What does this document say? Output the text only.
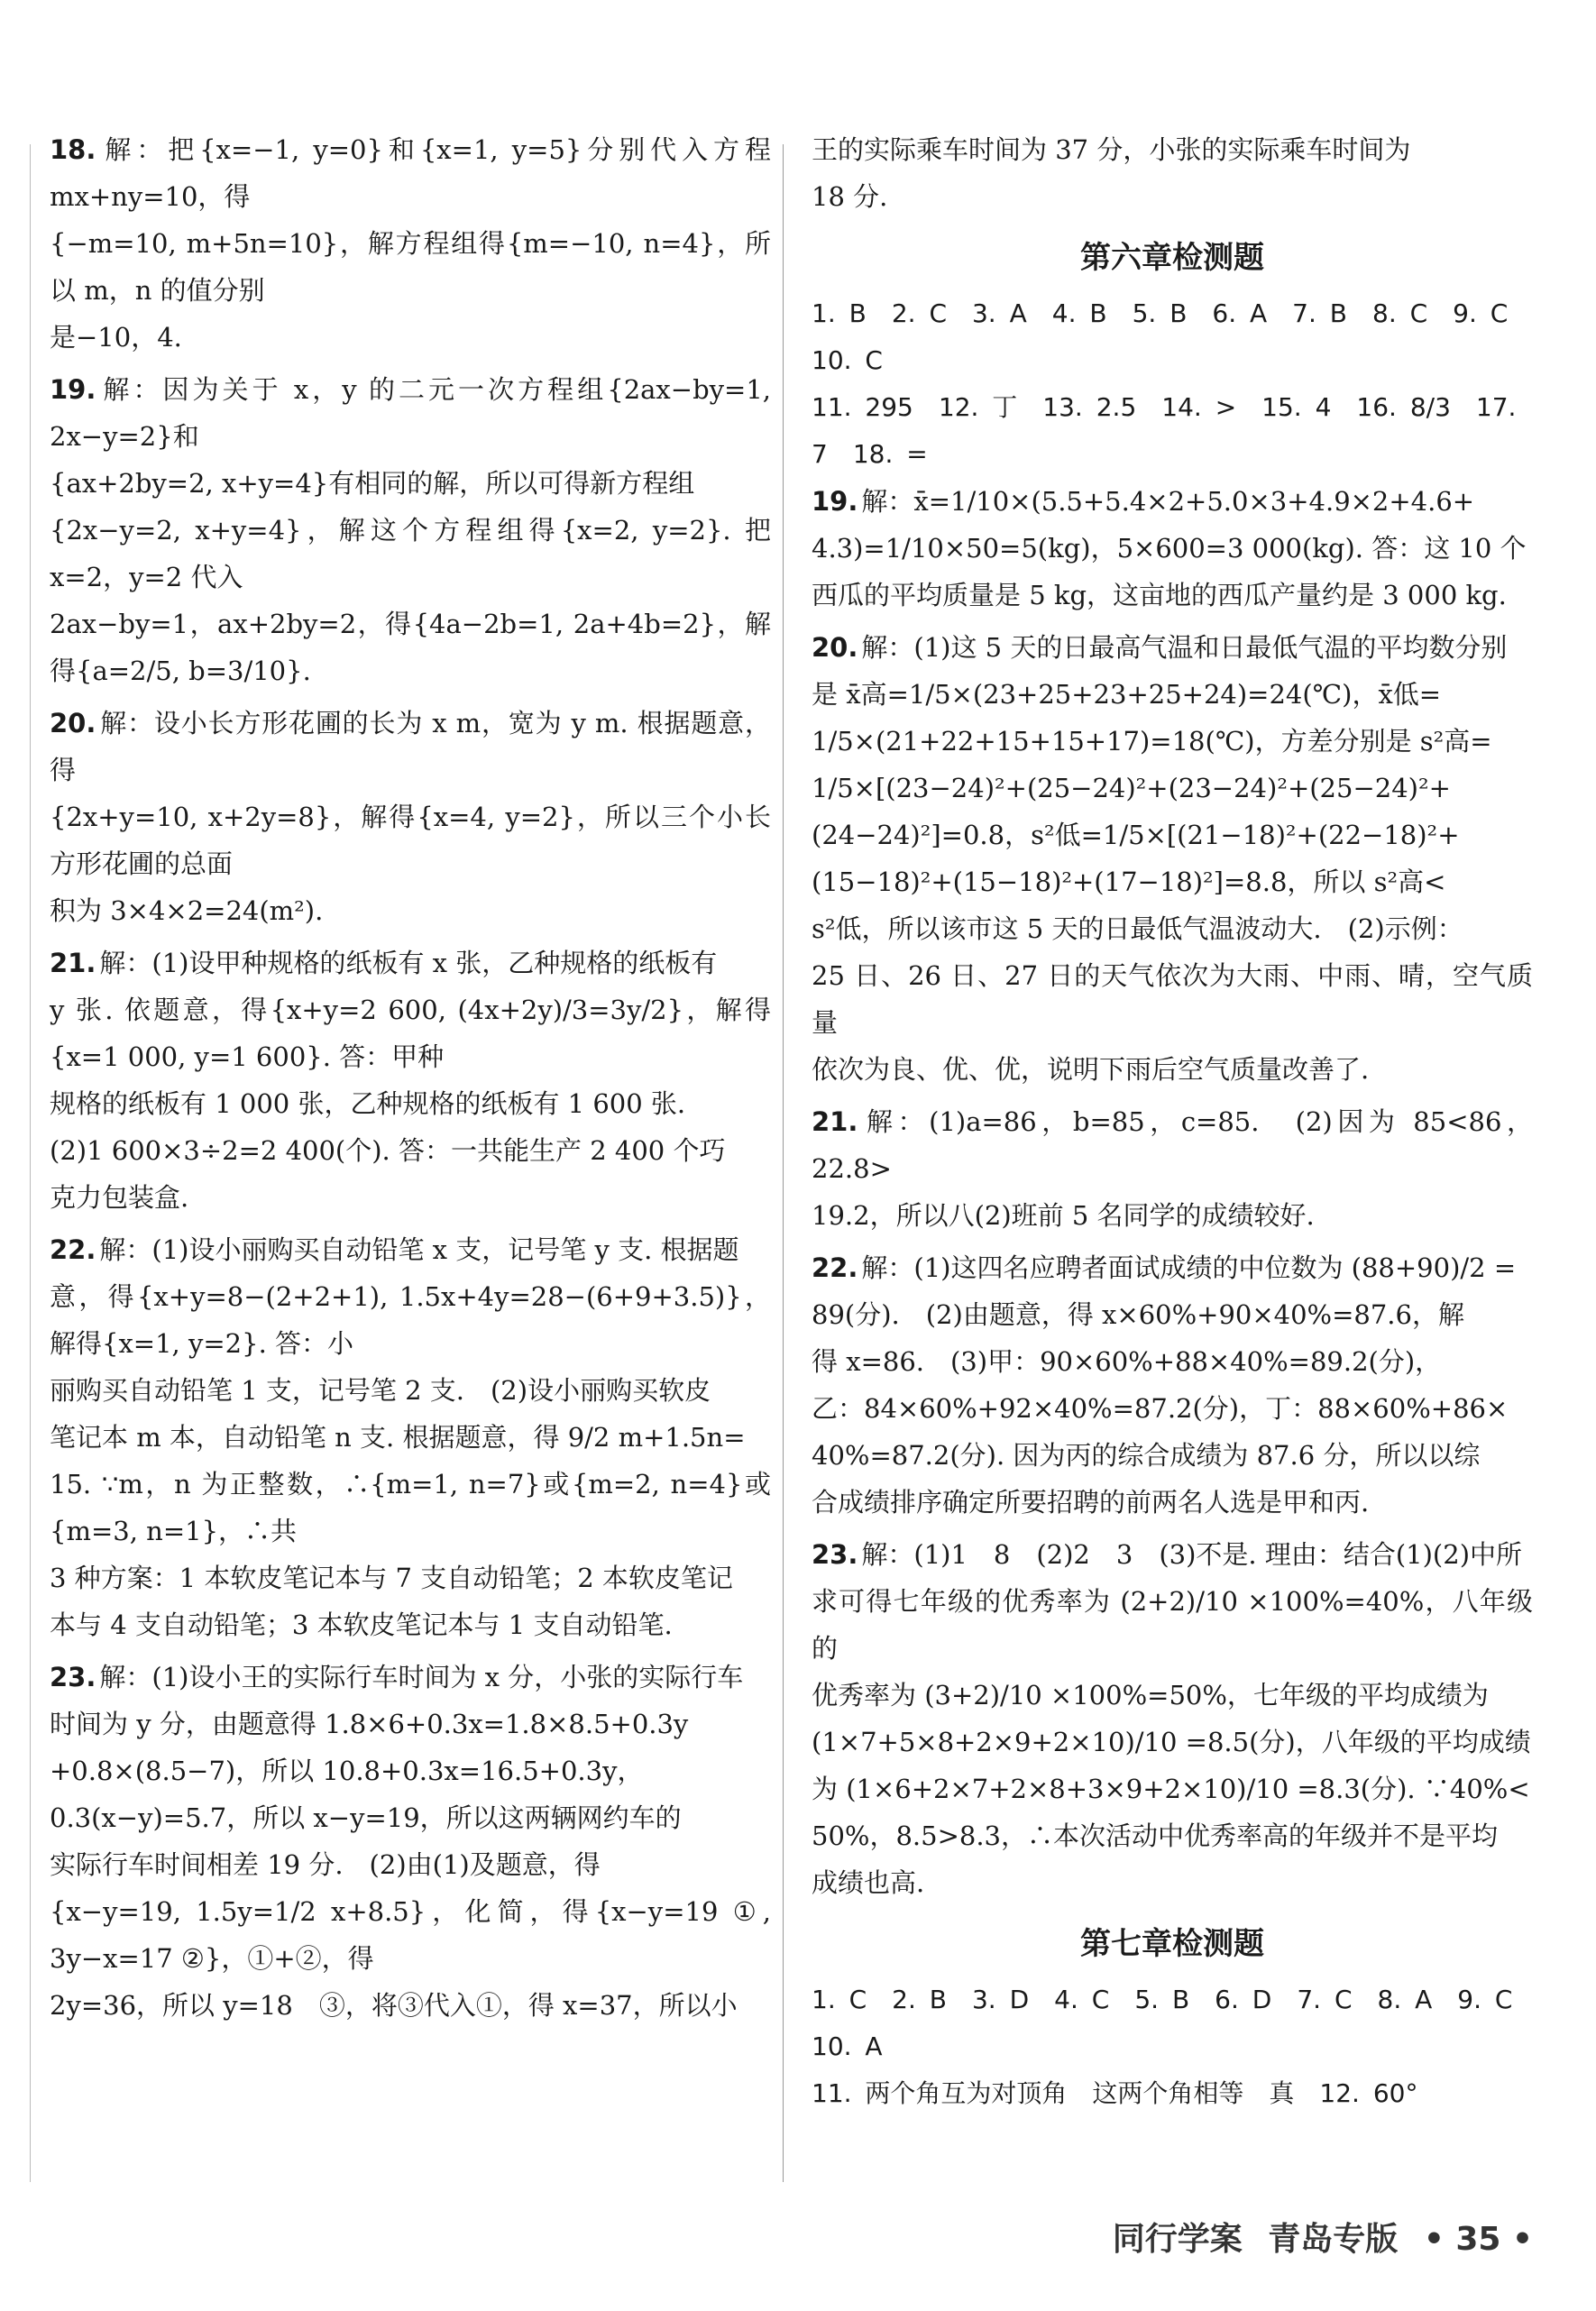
18. 解：把{x=−1, y=0}和{x=1, y=5}分别代入方程 mx+ny=10，得
{−m=10, m+5n=10}，解方程组得{m=−10, n=4}，所以 m，n 的值分别
是−10，4.
19. 解：因为关于 x，y 的二元一次方程组{2ax−by=1, 2x−y=2}和
{ax+2by=2, x+y=4}有相同的解，所以可得新方程组
{2x−y=2, x+y=4}，解这个方程组得{x=2, y=2}. 把 x=2，y=2 代入
2ax−by=1，ax+2by=2，得{4a−2b=1, 2a+4b=2}，解得{a=2/5, b=3/10}.
20. 解：设小长方形花圃的长为 x m，宽为 y m. 根据题意，得
{2x+y=10, x+2y=8}，解得{x=4, y=2}，所以三个小长方形花圃的总面
积为 3×4×2=24(m²).
21. 解：(1)设甲种规格的纸板有 x 张，乙种规格的纸板有
y 张. 依题意，得{x+y=2 600, (4x+2y)/3=3y/2}，解得{x=1 000, y=1 600}. 答：甲种
规格的纸板有 1 000 张，乙种规格的纸板有 1 600 张.
(2)1 600×3÷2=2 400(个). 答：一共能生产 2 400 个巧
克力包装盒.
22. 解：(1)设小丽购买自动铅笔 x 支，记号笔 y 支. 根据题
意，得{x+y=8−(2+2+1), 1.5x+4y=28−(6+9+3.5)}，解得{x=1, y=2}. 答：小
丽购买自动铅笔 1 支，记号笔 2 支.　(2)设小丽购买软皮
笔记本 m 本，自动铅笔 n 支. 根据题意，得 9/2 m+1.5n=
15. ∵m，n 为正整数，∴{m=1, n=7}或{m=2, n=4}或{m=3, n=1}，∴共
3 种方案：1 本软皮笔记本与 7 支自动铅笔；2 本软皮笔记
本与 4 支自动铅笔；3 本软皮笔记本与 1 支自动铅笔.
23. 解：(1)设小王的实际行车时间为 x 分，小张的实际行车
时间为 y 分，由题意得 1.8×6+0.3x=1.8×8.5+0.3y
+0.8×(8.5−7)，所以 10.8+0.3x=16.5+0.3y，
0.3(x−y)=5.7，所以 x−y=19，所以这两辆网约车的
实际行车时间相差 19 分.　(2)由(1)及题意，得
{x−y=19, 1.5y=1/2 x+8.5}，化简，得{x−y=19 ①, 3y−x=17 ②}，①+②，得
2y=36，所以 y=18　③，将③代入①，得 x=37，所以小
王的实际乘车时间为 37 分，小张的实际乘车时间为
18 分.
第六章检测题
1. B　2. C　3. A　4. B　5. B　6. A　7. B　8. C　9. C　10. C
11. 295　12. 丁　13. 2.5　14. >　15. 4　16. 8/3　17. 7　18. =
19. 解：x̄=1/10×(5.5+5.4×2+5.0×3+4.9×2+4.6+
4.3)=1/10×50=5(kg)，5×600=3 000(kg). 答：这 10 个
西瓜的平均质量是 5 kg，这亩地的西瓜产量约是 3 000 kg.
20. 解：(1)这 5 天的日最高气温和日最低气温的平均数分别
是 x̄高=1/5×(23+25+23+25+24)=24(℃)，x̄低=
1/5×(21+22+15+15+17)=18(℃)，方差分别是 s²高=
1/5×[(23−24)²+(25−24)²+(23−24)²+(25−24)²+
(24−24)²]=0.8，s²低=1/5×[(21−18)²+(22−18)²+
(15−18)²+(15−18)²+(17−18)²]=8.8，所以 s²高<
s²低，所以该市这 5 天的日最低气温波动大.　(2)示例：
25 日、26 日、27 日的天气依次为大雨、中雨、晴，空气质量
依次为良、优、优，说明下雨后空气质量改善了.
21. 解：(1)a=86，b=85，c=85.　(2)因为 85<86，22.8>
19.2，所以八(2)班前 5 名同学的成绩较好.
22. 解：(1)这四名应聘者面试成绩的中位数为 (88+90)/2 =
89(分).　(2)由题意，得 x×60%+90×40%=87.6，解
得 x=86.　(3)甲：90×60%+88×40%=89.2(分)，
乙：84×60%+92×40%=87.2(分)，丁：88×60%+86×
40%=87.2(分). 因为丙的综合成绩为 87.6 分，所以以综
合成绩排序确定所要招聘的前两名人选是甲和丙.
23. 解：(1)1　8　(2)2　3　(3)不是. 理由：结合(1)(2)中所
求可得七年级的优秀率为 (2+2)/10 ×100%=40%，八年级的
优秀率为 (3+2)/10 ×100%=50%，七年级的平均成绩为
(1×7+5×8+2×9+2×10)/10 =8.5(分)，八年级的平均成绩
为 (1×6+2×7+2×8+3×9+2×10)/10 =8.3(分). ∵40%<
50%，8.5>8.3，∴本次活动中优秀率高的年级并不是平均
成绩也高.
第七章检测题
1. C　2. B　3. D　4. C　5. B　6. D　7. C　8. A　9. C　10. A
11. 两个角互为对顶角　这两个角相等　真　12. 60°
同行学案 青岛专版 • 35 •
